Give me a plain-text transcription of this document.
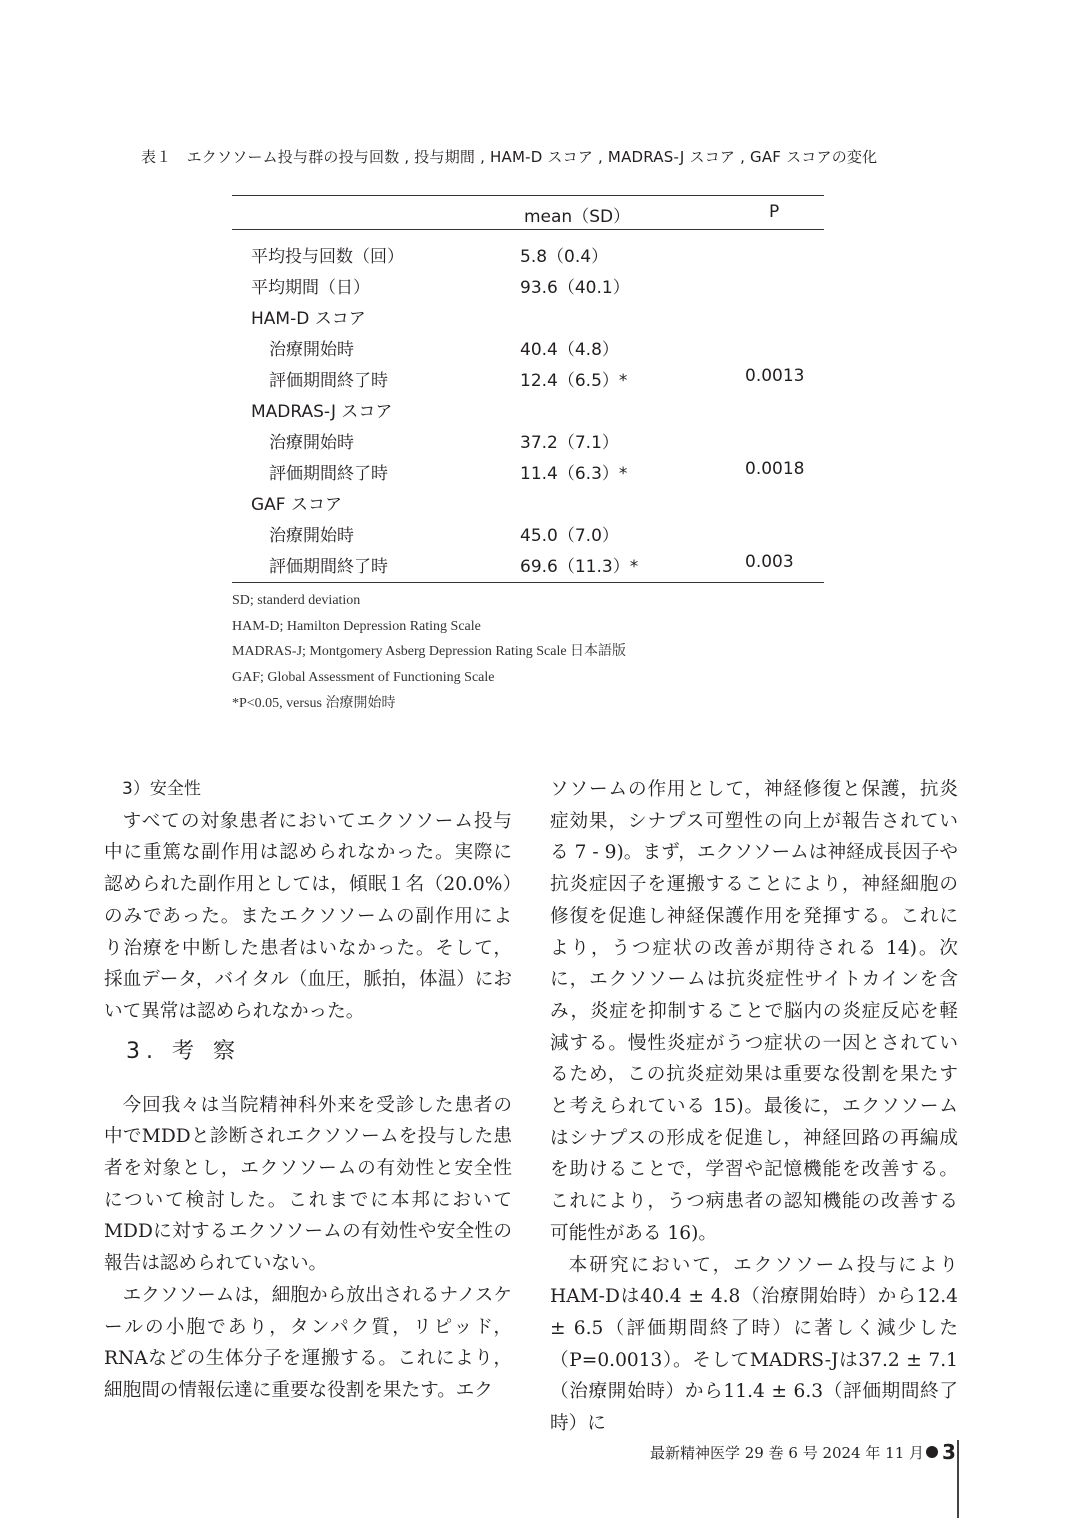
表１　エクソソーム投与群の投与回数 , 投与期間 , HAM-D スコア , MADRAS-J スコア , GAF スコアの変化
mean（SD）	P
平均投与回数（回）	5.8（0.4）
平均期間（日）	93.6（40.1）
HAM-D スコア
治療開始時	40.4（4.8）
評価期間終了時	12.4（6.5）*	0.0013
MADRAS-J スコア
治療開始時	37.2（7.1）
評価期間終了時	11.4（6.3）*	0.0018
GAF スコア
治療開始時	45.0（7.0）
評価期間終了時	69.6（11.3）*	0.003
SD; standerd deviation
HAM-D; Hamilton Depression Rating Scale
MADRAS-J; Montgomery Asberg Depression Rating Scale 日本語版
GAF; Global Assessment of Functioning Scale
*P<0.05, versus 治療開始時
3）安全性

すべての対象患者においてエクソソーム投与中に重篤な副作用は認められなかった。実際に認められた副作用としては，傾眠１名（20.0%）のみであった。またエクソソームの副作用により治療を中断した患者はいなかった。そして，採血データ，バイタル（血圧，脈拍，体温）において異常は認められなかった。

3. 考 察

今回我々は当院精神科外来を受診した患者の中でMDDと診断されエクソソームを投与した患者を対象とし，エクソソームの有効性と安全性について検討した。これまでに本邦においてMDDに対するエクソソームの有効性や安全性の報告は認められていない。

エクソソームは，細胞から放出されるナノスケールの小胞であり，タンパク質，リピッド，RNAなどの生体分子を運搬する。これにより，細胞間の情報伝達に重要な役割を果たす。エク

ソソームの作用として，神経修復と保護，抗炎症効果，シナプス可塑性の向上が報告されている 7 - 9)。まず，エクソソームは神経成長因子や抗炎症因子を運搬することにより，神経細胞の修復を促進し神経保護作用を発揮する。これにより，うつ症状の改善が期待される 14)。次に，エクソソームは抗炎症性サイトカインを含み，炎症を抑制することで脳内の炎症反応を軽減する。慢性炎症がうつ症状の一因とされているため，この抗炎症効果は重要な役割を果たすと考えられている 15)。最後に，エクソソームはシナプスの形成を促進し，神経回路の再編成を助けることで，学習や記憶機能を改善する。これにより，うつ病患者の認知機能の改善する可能性がある 16)。

本研究において，エクソソーム投与によりHAM-Dは40.4 ± 4.8（治療開始時）から12.4 ± 6.5（評価期間終了時）に著しく減少した（P=0.0013）。そしてMADRS-Jは37.2 ± 7.1（治療開始時）から11.4 ± 6.3（評価期間終了時）に

最新精神医学 29 巻 6 号 2024 年 11 月 3
